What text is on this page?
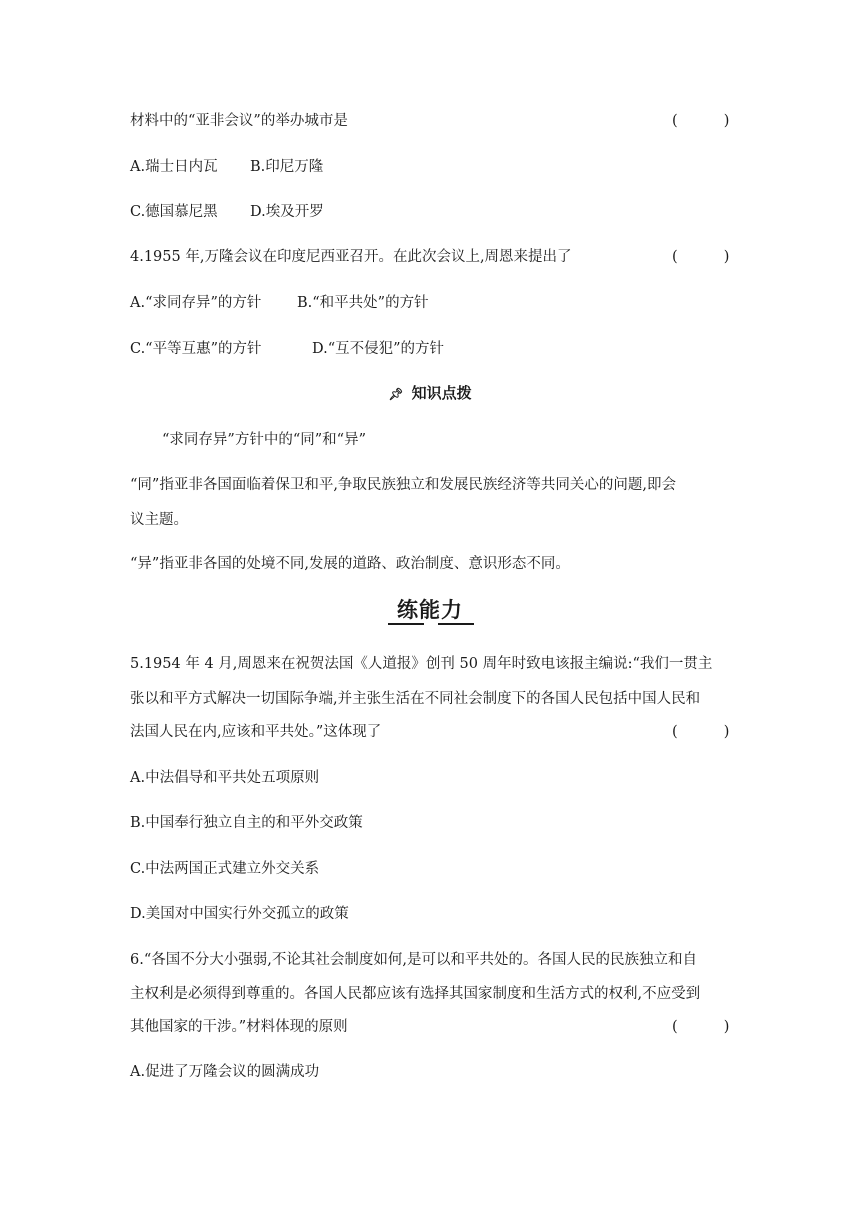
材料中的“亚非会议”的举办城市是	(          )
A.瑞士日内瓦 B.印尼万隆
C.德国慕尼黑 D.埃及开罗
4.1955 年,万隆会议在印度尼西亚召开。在此次会议上,周恩来提出了	(          )
A.“求同存异”的方针 B.“和平共处”的方针
C.“平等互惠”的方针	D.“互不侵犯”的方针
📌︎ 知识点拨
“求同存异”方针中的“同”和“异”
“同”指亚非各国面临着保卫和平,争取民族独立和发展民族经济等共同关心的问题,即会
议主题。
“异”指亚非各国的处境不同,发展的道路、政治制度、意识形态不同。
练能力
5.1954 年 4 月,周恩来在祝贺法国《人道报》创刊 50 周年时致电该报主编说:“我们一贯主
张以和平方式解决一切国际争端,并主张生活在不同社会制度下的各国人民包括中国人民和
法国人民在内,应该和平共处。”这体现了	(          )
A.中法倡导和平共处五项原则
B.中国奉行独立自主的和平外交政策
C.中法两国正式建立外交关系
D.美国对中国实行外交孤立的政策
6.“各国不分大小强弱,不论其社会制度如何,是可以和平共处的。各国人民的民族独立和自
主权利是必须得到尊重的。各国人民都应该有选择其国家制度和生活方式的权利,不应受到
其他国家的干涉。”材料体现的原则	(          )
A.促进了万隆会议的圆满成功
